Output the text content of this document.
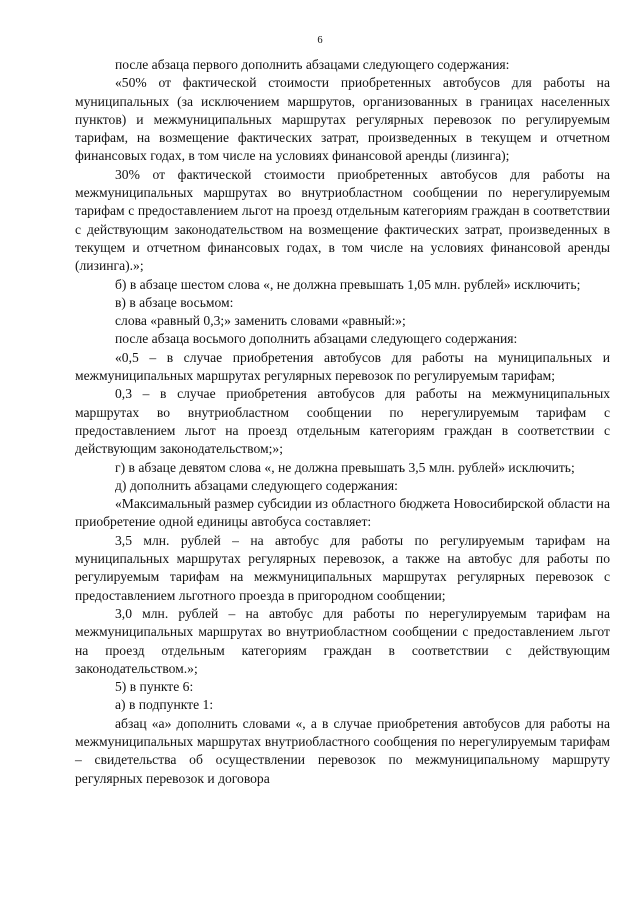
6

после абзаца первого дополнить абзацами следующего содержания:

«50% от фактической стоимости приобретенных автобусов для работы на муниципальных (за исключением маршрутов, организованных в границах населенных пунктов) и межмуниципальных маршрутах регулярных перевозок по регулируемым тарифам, на возмещение фактических затрат, произведенных в текущем и отчетном финансовых годах, в том числе на условиях финансовой аренды (лизинга);

30% от фактической стоимости приобретенных автобусов для работы на межмуниципальных маршрутах во внутриобластном сообщении по нерегулируемым тарифам с предоставлением льгот на проезд отдельным категориям граждан в соответствии с действующим законодательством на возмещение фактических затрат, произведенных в текущем и отчетном финансовых годах, в том числе на условиях финансовой аренды (лизинга).»;

б) в абзаце шестом слова «, не должна превышать 1,05 млн. рублей» исключить;

в) в абзаце восьмом:

слова «равный 0,3;» заменить словами «равный:»;

после абзаца восьмого дополнить абзацами следующего содержания:

«0,5 – в случае приобретения автобусов для работы на муниципальных и межмуниципальных маршрутах регулярных перевозок по регулируемым тарифам;

0,3 – в случае приобретения автобусов для работы на межмуниципальных маршрутах во внутриобластном сообщении по нерегулируемым тарифам с предоставлением льгот на проезд отдельным категориям граждан в соответствии с действующим законодательством;»;

г) в абзаце девятом слова «, не должна превышать 3,5 млн. рублей» исключить;

д) дополнить абзацами следующего содержания:

«Максимальный размер субсидии из областного бюджета Новосибирской области на приобретение одной единицы автобуса составляет:

3,5 млн. рублей – на автобус для работы по регулируемым тарифам на муниципальных маршрутах регулярных перевозок, а также на автобус для работы по регулируемым тарифам на межмуниципальных маршрутах регулярных перевозок с предоставлением льготного проезда в пригородном сообщении;

3,0 млн. рублей – на автобус для работы по нерегулируемым тарифам на межмуниципальных маршрутах во внутриобластном сообщении с предоставлением льгот на проезд отдельным категориям граждан в соответствии с действующим законодательством.»;

5) в пункте 6:

а) в подпункте 1:

абзац «а» дополнить словами «, а в случае приобретения автобусов для работы на межмуниципальных маршрутах внутриобластного сообщения по нерегулируемым тарифам – свидетельства об осуществлении перевозок по межмуниципальному маршруту регулярных перевозок и договора
